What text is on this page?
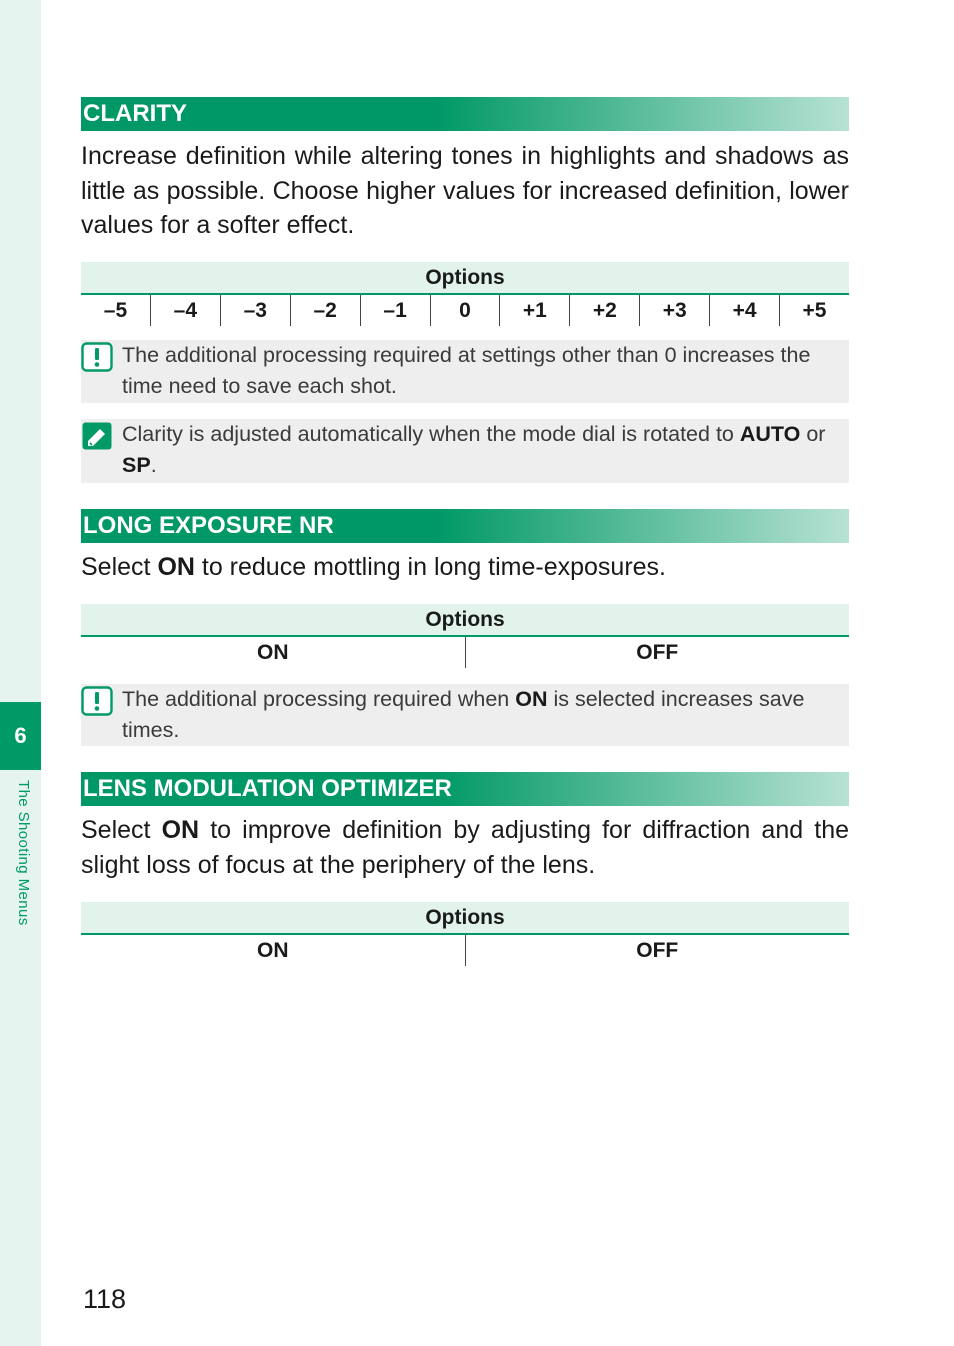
6
The Shooting Menus
CLARITY
Increase definition while altering tones in highlights and shadows as little as possible. Choose higher values for increased definition, lower values for a softer effect.
Options
–5	–4	–3	–2	–1	0	+1	+2	+3	+4	+5
The additional processing required at settings other than 0 increases the time need to save each shot.
Clarity is adjusted automatically when the mode dial is rotated to AUTO or SP.
LONG EXPOSURE NR
Select ON to reduce mottling in long time-exposures.
Options
ON	OFF
The additional processing required when ON is selected increases save times.
LENS MODULATION OPTIMIZER
Select ON to improve definition by adjusting for diffraction and the slight loss of focus at the periphery of the lens.
Options
ON	OFF
118
